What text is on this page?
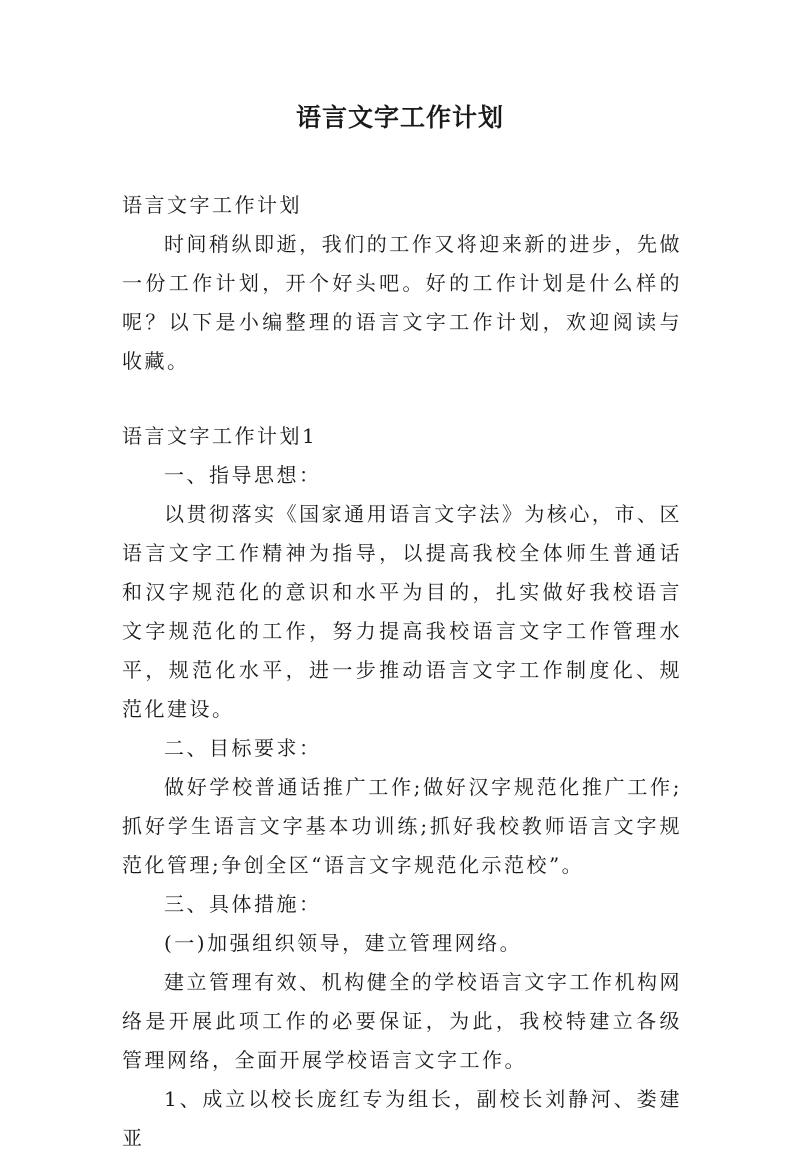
语言文字工作计划

语言文字工作计划

时间稍纵即逝，我们的工作又将迎来新的进步，先做一份工作计划，开个好头吧。好的工作计划是什么样的呢？以下是小编整理的语言文字工作计划，欢迎阅读与收藏。

语言文字工作计划1

一、指导思想：

以贯彻落实《国家通用语言文字法》为核心，市、区语言文字工作精神为指导，以提高我校全体师生普通话和汉字规范化的意识和水平为目的，扎实做好我校语言文字规范化的工作，努力提高我校语言文字工作管理水平，规范化水平，进一步推动语言文字工作制度化、规范化建设。

二、目标要求：

做好学校普通话推广工作;做好汉字规范化推广工作;抓好学生语言文字基本功训练;抓好我校教师语言文字规范化管理;争创全区“语言文字规范化示范校”。

三、具体措施：

(一)加强组织领导，建立管理网络。

建立管理有效、机构健全的学校语言文字工作机构网络是开展此项工作的必要保证，为此，我校特建立各级管理网络，全面开展学校语言文字工作。

1、成立以校长庞红专为组长，副校长刘静河、娄建亚
